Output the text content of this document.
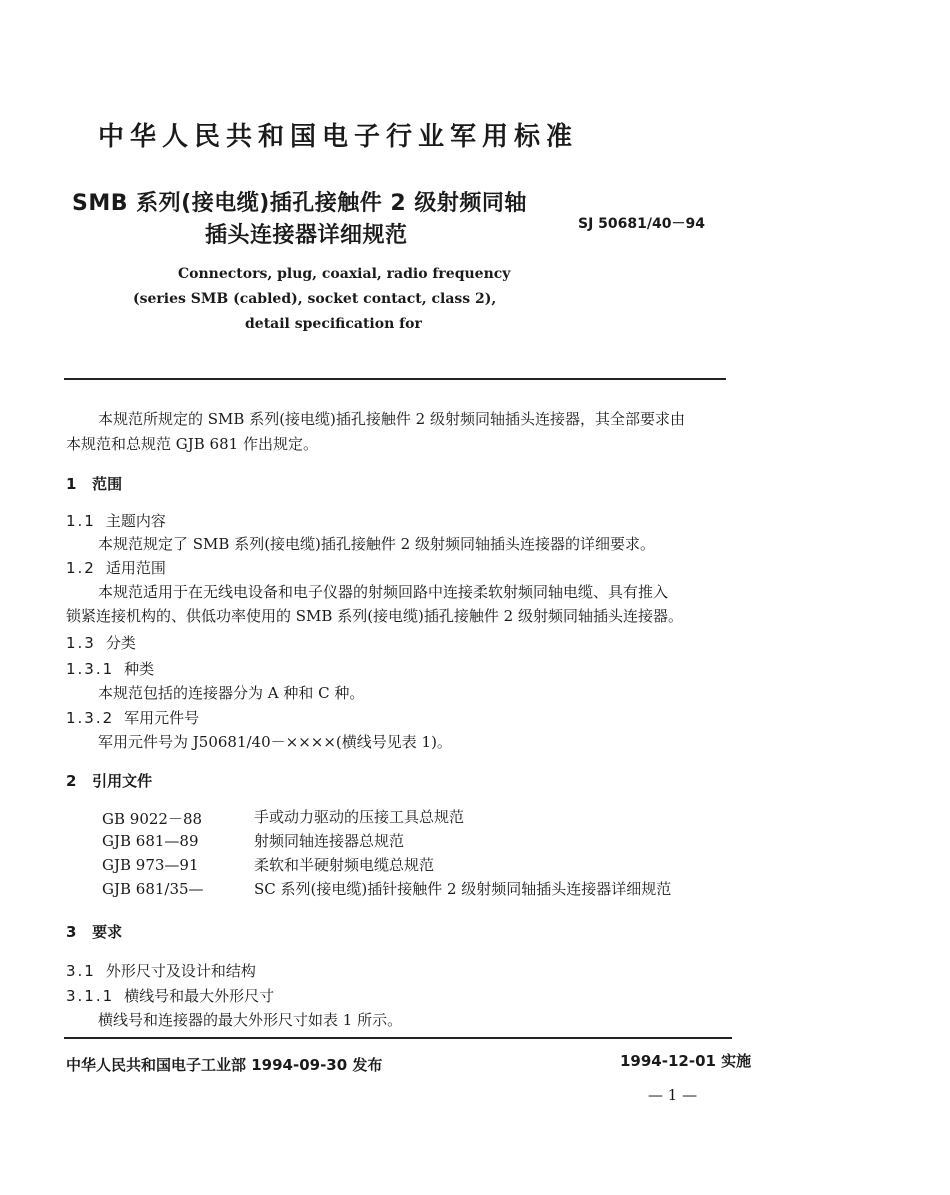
中华人民共和国电子行业军用标准
SMB 系列(接电缆)插孔接触件 2 级射频同轴
插头连接器详细规范	SJ 50681/40－94
Connectors, plug, coaxial, radio frequency
(series SMB (cabled), socket contact, class 2),
detail specification for
本规范所规定的 SMB 系列(接电缆)插孔接触件 2 级射频同轴插头连接器，其全部要求由
本规范和总规范 GJB 681 作出规定。
1 范围
1.1 主题内容
本规范规定了 SMB 系列(接电缆)插孔接触件 2 级射频同轴插头连接器的详细要求。
1.2 适用范围
本规范适用于在无线电设备和电子仪器的射频回路中连接柔软射频同轴电缆、具有推入
锁紧连接机构的、供低功率使用的 SMB 系列(接电缆)插孔接触件 2 级射频同轴插头连接器。
1.3 分类
1.3.1 种类
本规范包括的连接器分为 A 种和 C 种。
1.3.2 军用元件号
军用元件号为 J50681/40－××××(横线号见表 1)。
2 引用文件
GB 9022－88	手或动力驱动的压接工具总规范
GJB 681—89	射频同轴连接器总规范
GJB 973—91	柔软和半硬射频电缆总规范
GJB 681/35—	SC 系列(接电缆)插针接触件 2 级射频同轴插头连接器详细规范
3 要求
3.1 外形尺寸及设计和结构
3.1.1 横线号和最大外形尺寸
横线号和连接器的最大外形尺寸如表 1 所示。
中华人民共和国电子工业部 1994-09-30 发布	1994-12-01 实施
— 1 —
